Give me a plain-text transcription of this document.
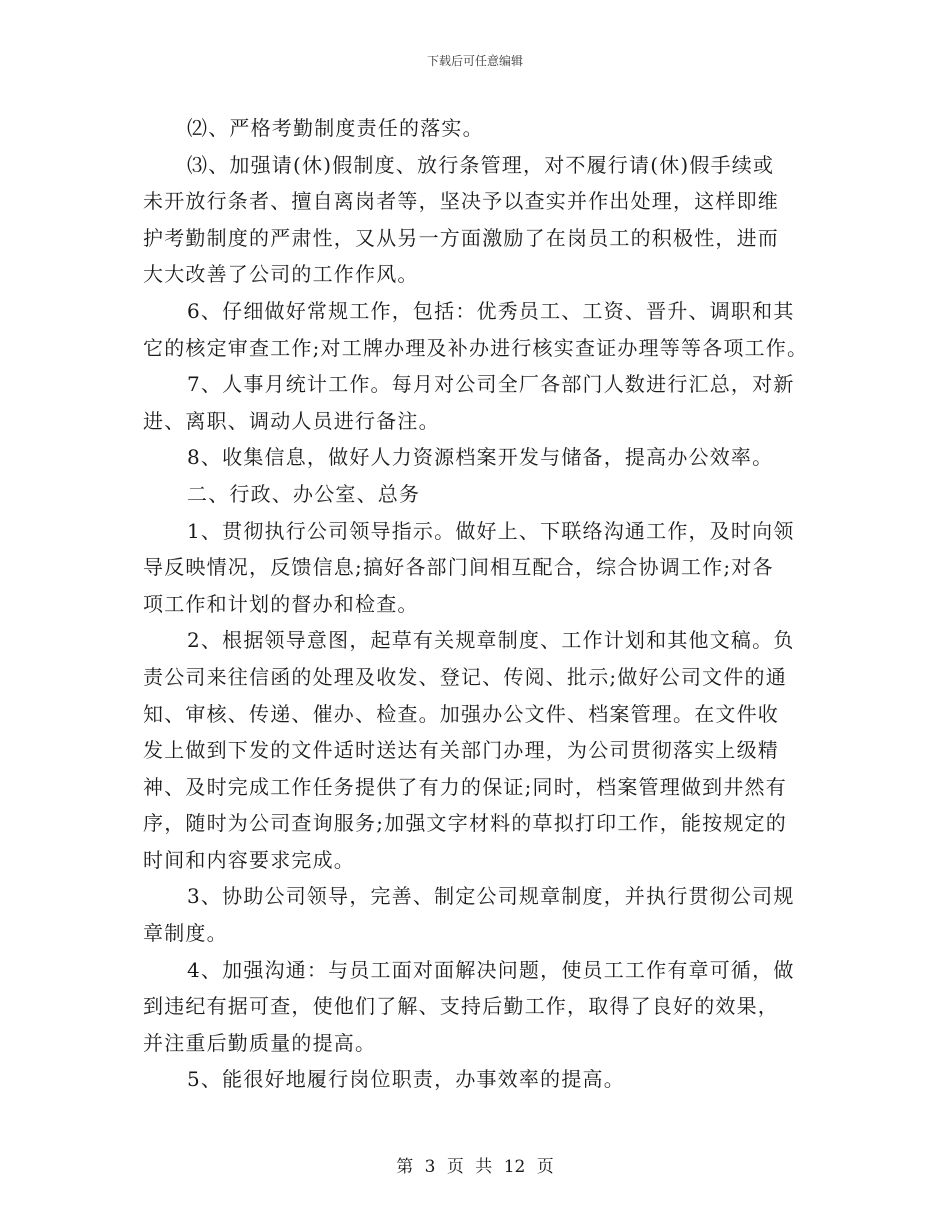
下载后可任意编辑
⑵、严格考勤制度责任的落实。
⑶、加强请(休)假制度、放行条管理，对不履行请(休)假手续或
未开放行条者、擅自离岗者等，坚决予以查实并作出处理，这样即维
护考勤制度的严肃性，又从另一方面激励了在岗员工的积极性，进而
大大改善了公司的工作作风。
6、仔细做好常规工作，包括：优秀员工、工资、晋升、调职和其
它的核定审查工作;对工牌办理及补办进行核实查证办理等等各项工作。
7、人事月统计工作。每月对公司全厂各部门人数进行汇总，对新
进、离职、调动人员进行备注。
8、收集信息，做好人力资源档案开发与储备，提高办公效率。
二、行政、办公室、总务
1、贯彻执行公司领导指示。做好上、下联络沟通工作，及时向领
导反映情况，反馈信息;搞好各部门间相互配合，综合协调工作;对各
项工作和计划的督办和检查。
2、根据领导意图，起草有关规章制度、工作计划和其他文稿。负
责公司来往信函的处理及收发、登记、传阅、批示;做好公司文件的通
知、审核、传递、催办、检查。加强办公文件、档案管理。在文件收
发上做到下发的文件适时送达有关部门办理，为公司贯彻落实上级精
神、及时完成工作任务提供了有力的保证;同时，档案管理做到井然有
序，随时为公司查询服务;加强文字材料的草拟打印工作，能按规定的
时间和内容要求完成。
3、协助公司领导，完善、制定公司规章制度，并执行贯彻公司规
章制度。
4、加强沟通：与员工面对面解决问题，使员工工作有章可循，做
到违纪有据可查，使他们了解、支持后勤工作，取得了良好的效果，
并注重后勤质量的提高。
5、能很好地履行岗位职责，办事效率的提高。
第 3 页 共 12 页
